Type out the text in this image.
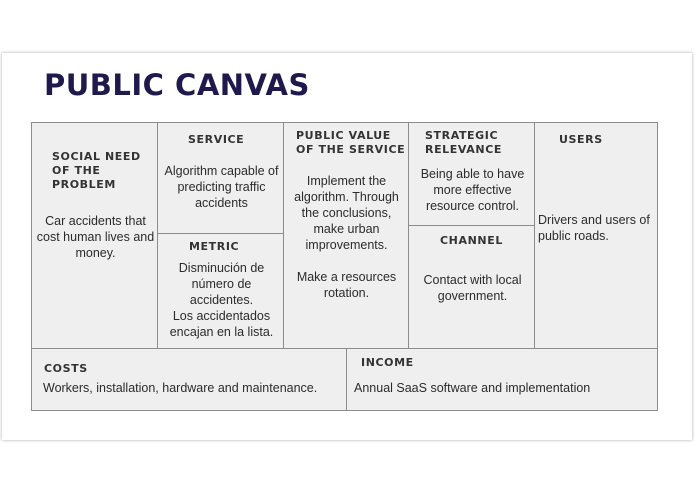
PUBLIC CANVAS
SOCIAL NEED OF THE PROBLEM
Car accidents that cost human lives and money.
SERVICE
Algorithm capable of predicting traffic accidents
METRIC
Disminución de número de accidentes.
Los accidentados encajan en la lista.
PUBLIC VALUE OF THE SERVICE
Implement the algorithm. Through the conclusions, make urban improvements.

Make a resources rotation.
STRATEGIC RELEVANCE
Being able to have more effective resource control.
CHANNEL
Contact with local government.
USERS
Drivers and users of public roads.
COSTS
Workers, installation, hardware and maintenance.
INCOME
Annual SaaS software and implementation
